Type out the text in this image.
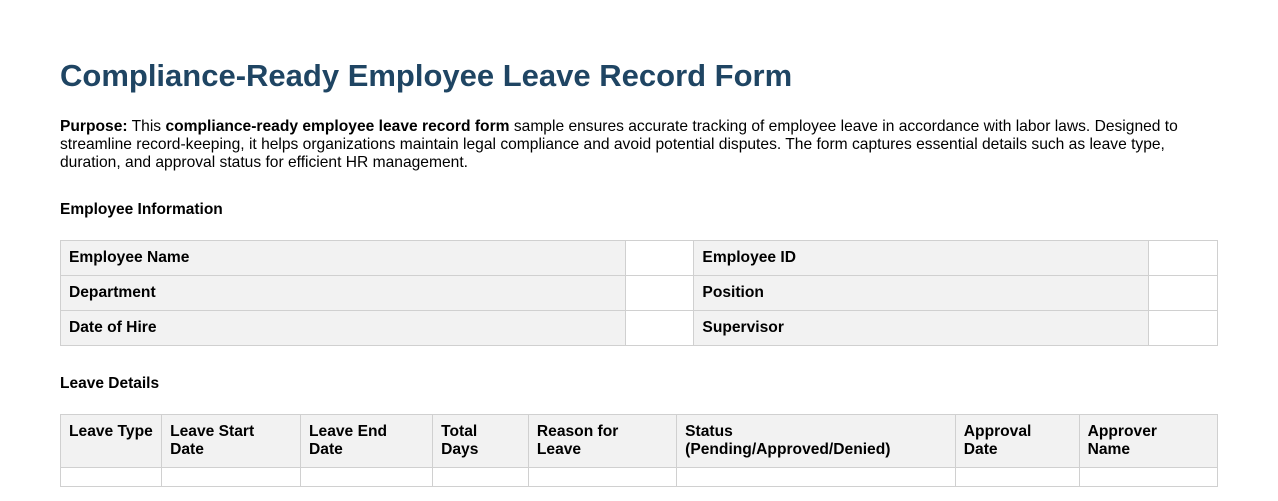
Compliance-Ready Employee Leave Record Form

Purpose: This compliance-ready employee leave record form sample ensures accurate tracking of employee leave in accordance with labor laws. Designed to streamline record-keeping, it helps organizations maintain legal compliance and avoid potential disputes. The form captures essential details such as leave type, duration, and approval status for efficient HR management.

Employee Information
Employee Name		Employee ID	
Department		Position	
Date of Hire		Supervisor	
Leave Details
Leave Type	Leave Start Date	Leave End Date	Total Days	Reason for Leave	Status (Pending/Approved/Denied)	Approval Date	Approver Name
